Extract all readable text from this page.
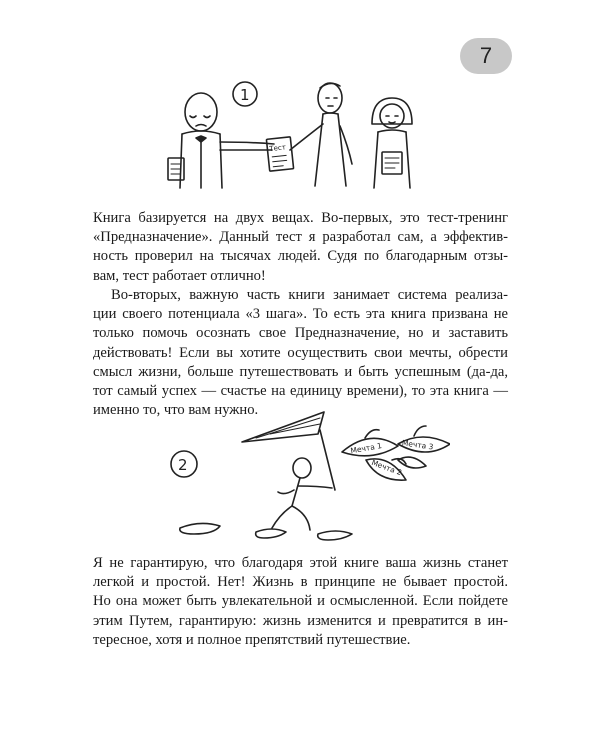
7
Тест
1
Книга базируется на двух вещах. Во-первых, это тест-тренинг
«Предназначение». Данный тест я разработал сам, а эффектив-
ность проверил на тысячах людей. Судя по благодарным отзы-
вам, тест работает отлично!
Во-вторых, важную часть книги занимает система реализа-
ции своего потенциала «3 шага». То есть эта книга призвана не
только помочь осознать свое Предназначение, но и заставить
действовать! Если вы хотите осуществить свои мечты, обрести
смысл жизни, больше путешествовать и быть успешным (да-да,
тот самый успех — счастье на единицу времени), то эта книга —
именно то, что вам нужно.
2
Мечта 1	Мечта 3
Мечта 2
Я не гарантирую, что благодаря этой книге ваша жизнь станет
легкой и простой. Нет! Жизнь в принципе не бывает простой.
Но она может быть увлекательной и осмысленной. Если пойдете
этим Путем, гарантирую: жизнь изменится и превратится в ин-
тересное, хотя и полное препятствий путешествие.
